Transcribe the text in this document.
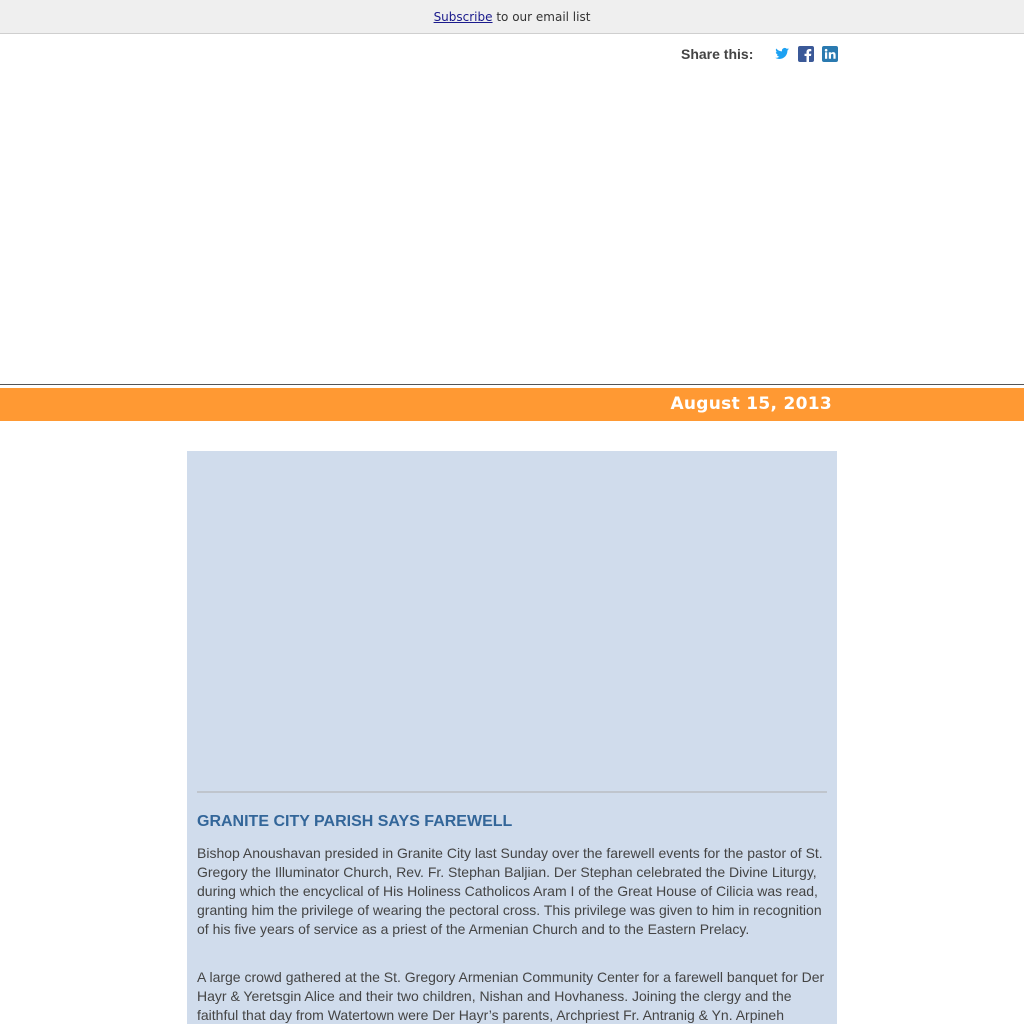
Subscribe to our email list
Share this:
August 15, 2013
GRANITE CITY PARISH SAYS FAREWELL

Bishop Anoushavan presided in Granite City last Sunday over the farewell events for the pastor of St. Gregory the Illuminator Church, Rev. Fr. Stephan Baljian. Der Stephan celebrated the Divine Liturgy, during which the encyclical of His Holiness Catholicos Aram I of the Great House of Cilicia was read, granting him the privilege of wearing the pectoral cross. This privilege was given to him in recognition of his five years of service as a priest of the Armenian Church and to the Eastern Prelacy.

A large crowd gathered at the St. Gregory Armenian Community Center for a farewell banquet for Der Hayr & Yeretsgin Alice and their two children, Nishan and Hovhaness. Joining the clergy and the faithful that day from Watertown were Der Hayr’s parents, Archpriest Fr. Antranig & Yn. Arpineh
